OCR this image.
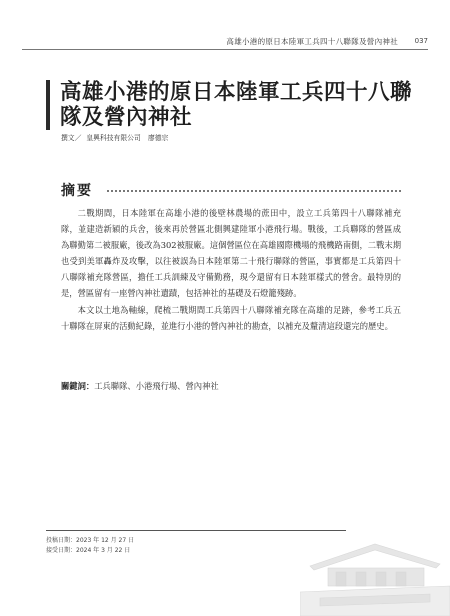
高雄小港的原日本陸軍工兵四十八聯隊及營內神社 037
高雄小港的原日本陸軍工兵四十八聯隊及營內神社
撰文／ 皇興科技有限公司 廖德宗
摘要

二戰期間，日本陸軍在高雄小港的後壁林農場的蔗田中，設立工兵第四十八聯隊補充隊，並建造新穎的兵舍，後來再於營區北側興建陸軍小港飛行場。戰後，工兵聯隊的營區成為聯勤第二被服廠，後改為302被服廠。這個營區位在高雄國際機場的飛機路南側，二戰末期也受到美軍轟炸及攻擊，以往被誤為日本陸軍第二十飛行聯隊的營區，事實都是工兵第四十八聯隊補充隊營區，擔任工兵訓練及守備勤務，現今還留有日本陸軍樣式的營舍。最特別的是，營區留有一座營內神社遺蹟，包括神社的基礎及石燈籠殘跡。

本文以土地為軸線，爬梳二戰期間工兵第四十八聯隊補充隊在高雄的足跡，參考工兵五十聯隊在屏東的活動紀錄，並進行小港的營內神社的勘查，以補充及釐清這段還完的歷史。

關鍵詞：工兵聯隊、小港飛行場、營內神社
投稿日期：2023 年 12 月 27 日
接受日期：2024 年 3 月 22 日
